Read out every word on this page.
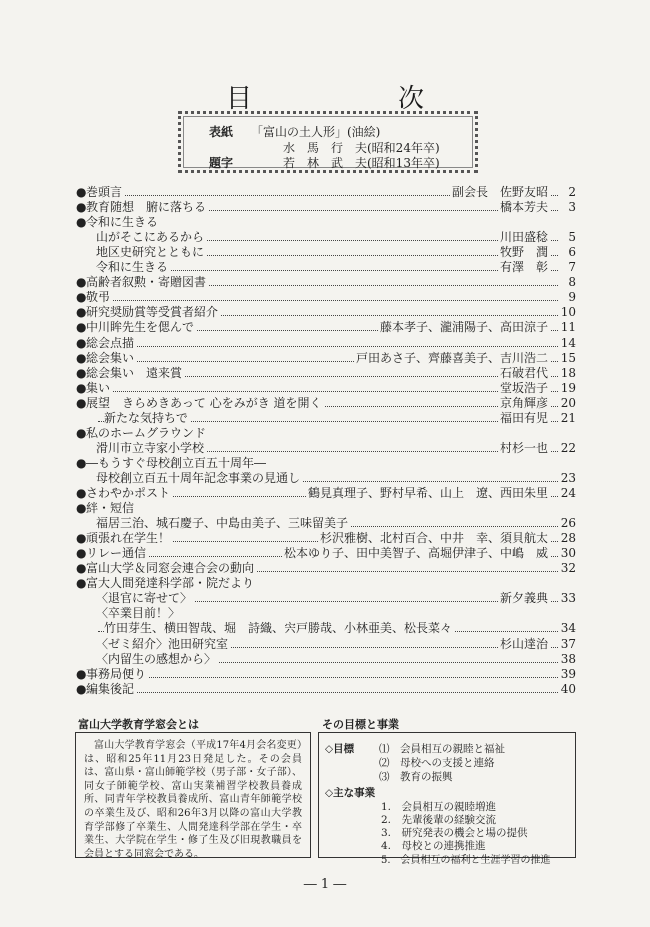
目　次
表紙 「富山の土人形」(油絵)
水　馬　行　夫(昭和24年卒)
題字	若　林　武　夫(昭和13年卒)
● 巻頭言	副会長　佐野友昭	2
● 教育随想　腑に落ちる	橋本芳夫	3
● 令和に生きる
山がそこにあるから	川田盛稔	5
地区史研究とともに	牧野　潤	6
令和に生きる	有澤　彰	7
● 高齢者叙勲・寄贈図書	8
● 敬弔	9
● 研究奨励賞等受賞者紹介	10
● 中川眸先生を偲んで	藤本孝子、瀧浦陽子、高田涼子 11
● 総会点描	14
● 総会集い	戸田あさ子、齊藤喜美子、吉川浩二 15
● 総会集い　遠来賞	石破君代 18
● 集い	堂坂浩子 19
● 展望　きらめきあって 心をみがき 道を開く	京角輝彦 20
新たな気持ちで	福田有児 21
● 私のホームグラウンド
滑川市立寺家小学校	村杉一也 22
● ―もうすぐ母校創立百五十周年―
母校創立百五十周年記念事業の見通し	23
● さわやかポスト	鶴見真理子、野村早希、山上　遼、西田朱里 24
● 絆・短信
福居三治、城石慶子、中島由美子、三味留美子	26
● 頑張れ在学生！	杉沢雅樹、北村百合、中井　幸、須貝航太 28
● リレー通信	松本ゆり子、田中美智子、高堀伊津子、中嶋　威 30
● 富山大学＆同窓会連合会の動向	32
● 富大人間発達科学部・院だより
〈退官に寄せて〉	新夕義典 33
〈卒業目前！〉
竹田芽生、横田智哉、堀　詩織、宍戸勝哉、小林亜美、松長菜々	34
〈ゼミ紹介〉池田研究室	杉山達治 37
〈内留生の感想から〉	38
● 事務局便り	39
● 編集後記	40
富山大学教育学窓会とは
富山大学教育学窓会（平成17年4月会名変更）は、昭和25年11月23日発足した。その会員は、富山県・富山師範学校（男子部・女子部）、同女子師範学校、富山実業補習学校教員養成所、同青年学校教員養成所、富山青年師範学校の卒業生及び、昭和26年3月以降の富山大学教育学部修了卒業生、人間発達科学部在学生・卒業生、大学院在学生・修了生及び旧現教職員を会員とする同窓会である。
その目標と事業
◇目標 ⑴　会員相互の親睦と福祉
⑵　母校への支援と連絡
⑶　教育の振興
◇主な事業
1.　会員相互の親睦増進
2.　先輩後輩の経験交流
3.　研究発表の機会と場の提供
4.　母校との連携推進
5.　会員相互の福利と生涯学習の推進
― 1 ―
